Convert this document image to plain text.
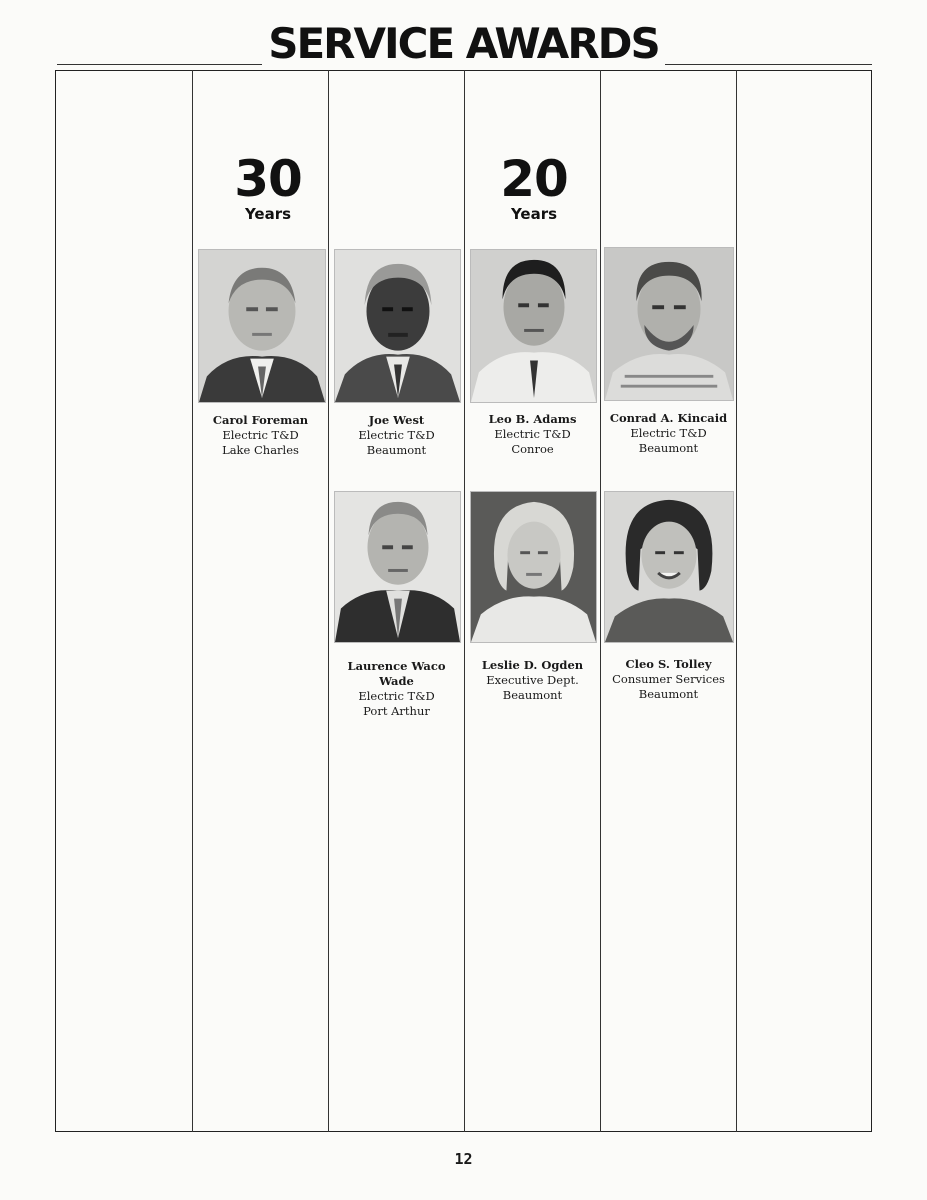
SERVICE AWARDS
30
Years
20
Years
Carol Foreman
Electric T&D
Lake Charles
Joe West
Electric T&D
Beaumont
Leo B. Adams
Electric T&D
Conroe
Conrad A. Kincaid
Electric T&D
Beaumont
Laurence Waco Wade
Electric T&D
Port Arthur
Leslie D. Ogden
Executive Dept.
Beaumont
Cleo S. Tolley
Consumer Services
Beaumont
12
